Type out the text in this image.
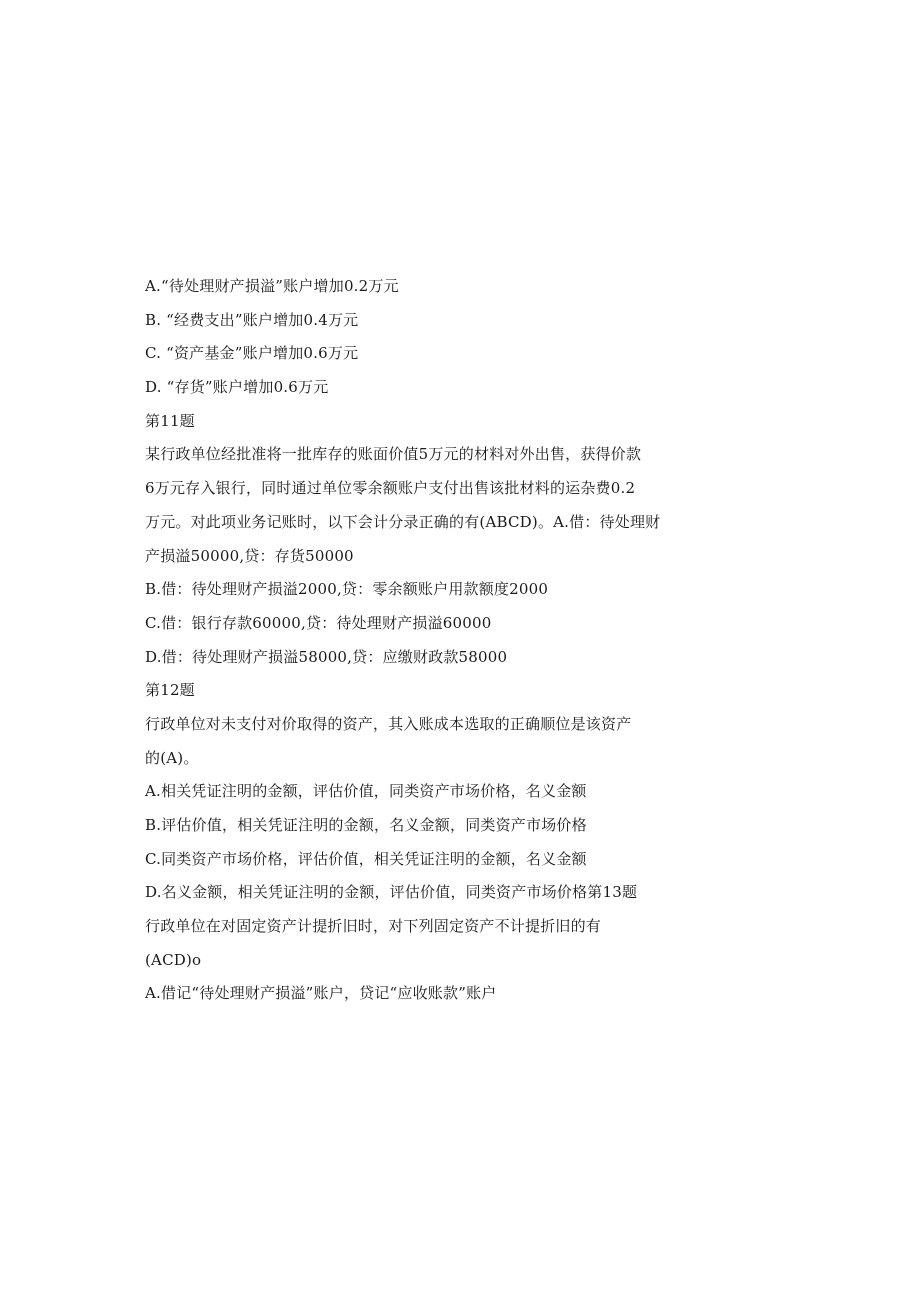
A.“待处理财产损溢”账户增加0.2万元
B. “经费支出”账户增加0.4万元
C. “资产基金”账户增加0.6万元
D. “存货”账户增加0.6万元
第11题
某行政单位经批准将一批库存的账面价值5万元的材料对外出售，获得价款
6万元存入银行，同时通过单位零余额账户支付出售该批材料的运杂费0.2
万元。对此项业务记账时，以下会计分录正确的有(ABCD)。A.借：待处理财
产损溢50000,贷：存货50000
B.借：待处理财产损溢2000,贷：零余额账户用款额度2000
C.借：银行存款60000,贷：待处理财产损溢60000
D.借：待处理财产损溢58000,贷：应缴财政款58000
第12题
行政单位对未支付对价取得的资产，其入账成本选取的正确顺位是该资产
的(A)。
A.相关凭证注明的金额，评估价值，同类资产市场价格，名义金额
B.评估价值，相关凭证注明的金额，名义金额，同类资产市场价格
C.同类资产市场价格，评估价值，相关凭证注明的金额，名义金额
D.名义金额，相关凭证注明的金额，评估价值，同类资产市场价格第13题
行政单位在对固定资产计提折旧时，对下列固定资产不计提折旧的有
(ACD)o
A.借记“待处理财产损溢”账户，贷记“应收账款”账户
